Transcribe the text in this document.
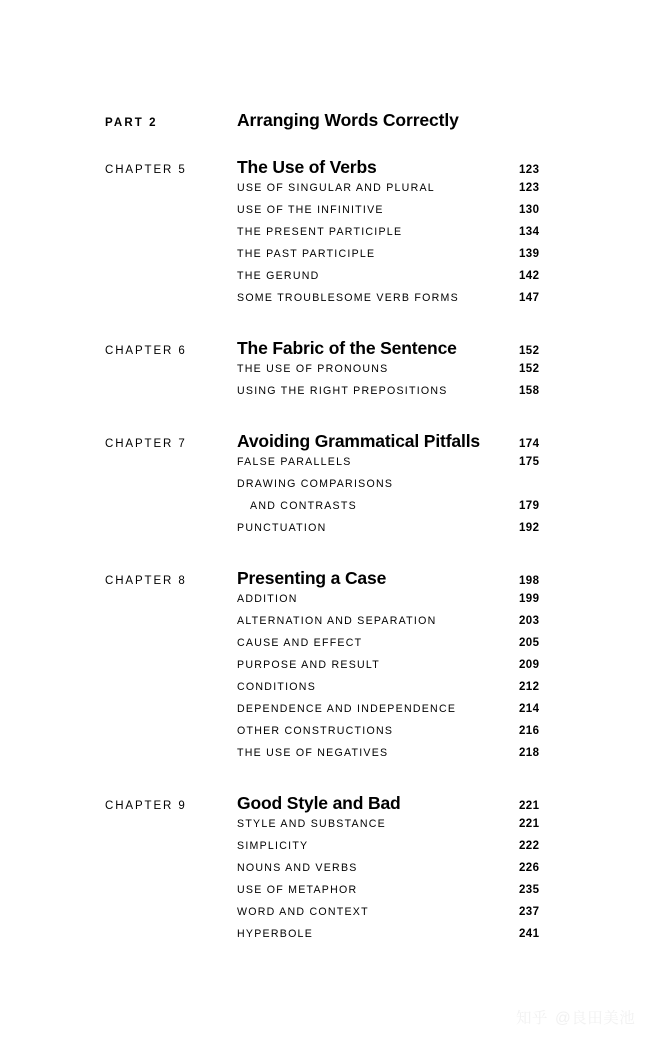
PART 2	Arranging Words Correctly
CHAPTER 5	The Use of Verbs	123
USE OF SINGULAR AND PLURAL	123
USE OF THE INFINITIVE	130
THE PRESENT PARTICIPLE	134
THE PAST PARTICIPLE	139
THE GERUND	142
SOME TROUBLESOME VERB FORMS	147
CHAPTER 6	The Fabric of the Sentence	152
THE USE OF PRONOUNS	152
USING THE RIGHT PREPOSITIONS	158
CHAPTER 7	Avoiding Grammatical Pitfalls	174
FALSE PARALLELS	175
DRAWING COMPARISONS
AND CONTRASTS	179
PUNCTUATION	192
CHAPTER 8	Presenting a Case	198
ADDITION	199
ALTERNATION AND SEPARATION	203
CAUSE AND EFFECT	205
PURPOSE AND RESULT	209
CONDITIONS	212
DEPENDENCE AND INDEPENDENCE	214
OTHER CONSTRUCTIONS	216
THE USE OF NEGATIVES	218
CHAPTER 9	Good Style and Bad	221
STYLE AND SUBSTANCE	221
SIMPLICITY	222
NOUNS AND VERBS	226
USE OF METAPHOR	235
WORD AND CONTEXT	237
HYPERBOLE	241
知乎 @良田美池
